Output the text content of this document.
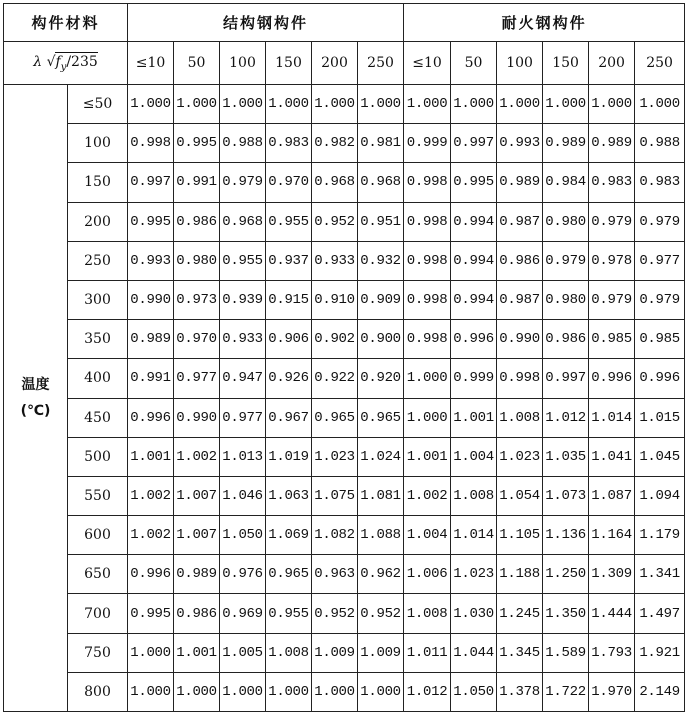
构件材料		结构钢构件						耐火钢构件					
λ $√f_y/235$		≤10	50	100	150	200	250	≤10	50	100	150	200	250

温度
(℃)	≤50	1.000	1.000	1.000	1.000	1.000	1.000	1.000	1.000	1.000	1.000	1.000	1.000
	100	0.998	0.995	0.988	0.983	0.982	0.981	0.999	0.997	0.993	0.989	0.989	0.988
	150	0.997	0.991	0.979	0.970	0.968	0.968	0.998	0.995	0.989	0.984	0.983	0.983
	200	0.995	0.986	0.968	0.955	0.952	0.951	0.998	0.994	0.987	0.980	0.979	0.979
	250	0.993	0.980	0.955	0.937	0.933	0.932	0.998	0.994	0.986	0.979	0.978	0.977
	300	0.990	0.973	0.939	0.915	0.910	0.909	0.998	0.994	0.987	0.980	0.979	0.979
	350	0.989	0.970	0.933	0.906	0.902	0.900	0.998	0.996	0.990	0.986	0.985	0.985
	400	0.991	0.977	0.947	0.926	0.922	0.920	1.000	0.999	0.998	0.997	0.996	0.996
	450	0.996	0.990	0.977	0.967	0.965	0.965	1.000	1.001	1.008	1.012	1.014	1.015
	500	1.001	1.002	1.013	1.019	1.023	1.024	1.001	1.004	1.023	1.035	1.041	1.045
	550	1.002	1.007	1.046	1.063	1.075	1.081	1.002	1.008	1.054	1.073	1.087	1.094
	600	1.002	1.007	1.050	1.069	1.082	1.088	1.004	1.014	1.105	1.136	1.164	1.179
	650	0.996	0.989	0.976	0.965	0.963	0.962	1.006	1.023	1.188	1.250	1.309	1.341
	700	0.995	0.986	0.969	0.955	0.952	0.952	1.008	1.030	1.245	1.350	1.444	1.497
	750	1.000	1.001	1.005	1.008	1.009	1.009	1.011	1.044	1.345	1.589	1.793	1.921
	800	1.000	1.000	1.000	1.000	1.000	1.000	1.012	1.050	1.378	1.722	1.970	2.149
